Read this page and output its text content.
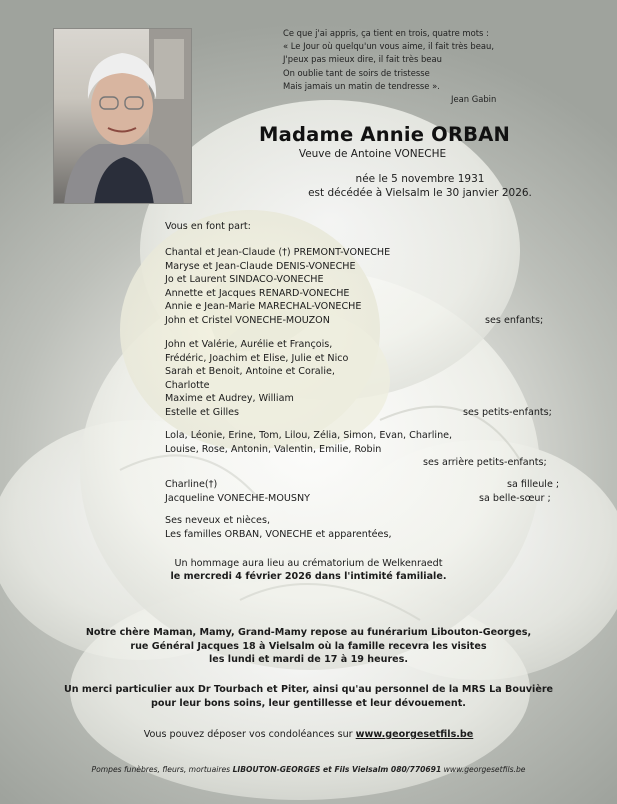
Ce que j'ai appris, ça tient en trois, quatre mots :
« Le Jour où quelqu'un vous aime, il fait très beau,
J'peux pas mieux dire, il fait très beau
On oublie tant de soirs de tristesse
Mais jamais un matin de tendresse ».
Jean Gabin
Madame Annie ORBAN
Veuve de Antoine VONECHE
née le 5 novembre 1931
est décédée à Vielsalm le 30 janvier 2026.
Vous en font part:
Chantal et Jean-Claude (†) PREMONT-VONECHE
Maryse et Jean-Claude DENIS-VONECHE
Jo et Laurent SINDACO-VONECHE
Annette et Jacques RENARD-VONECHE
Annie e Jean-Marie MARECHAL-VONECHE
John et Cristel VONECHE-MOUZON	ses enfants;
John et Valérie, Aurélie et François,
Frédéric, Joachim et Elise, Julie et Nico
Sarah et Benoit, Antoine et Coralie,
Charlotte
Maxime et Audrey, William
Estelle et Gilles	ses petits-enfants;
Lola, Léonie, Erine, Tom, Lilou, Zélia, Simon, Evan, Charline,
Louise, Rose, Antonin, Valentin, Emilie, Robin
ses arrière petits-enfants;
Charline(†)	sa filleule ;
Jacqueline VONECHE-MOUSNY	sa belle-sœur ;
Ses neveux et nièces,
Les familles ORBAN, VONECHE et apparentées,
Un hommage aura lieu au crématorium de Welkenraedt
le mercredi 4 février 2026 dans l'intimité familiale.
Notre chère Maman, Mamy, Grand-Mamy repose au funérarium Libouton-Georges,
rue Général Jacques 18 à Vielsalm où la famille recevra les visites
les lundi et mardi de 17 à 19 heures.
Un merci particulier aux Dr Tourbach et Piter, ainsi qu'au personnel de la MRS La Bouvière
pour leur bons soins, leur gentillesse et leur dévouement.
Vous pouvez déposer vos condoléances sur www.georgesetfils.be
Pompes funèbres, fleurs, mortuaires LIBOUTON-GEORGES et Fils Vielsalm 080/770691 www.georgesetfils.be
